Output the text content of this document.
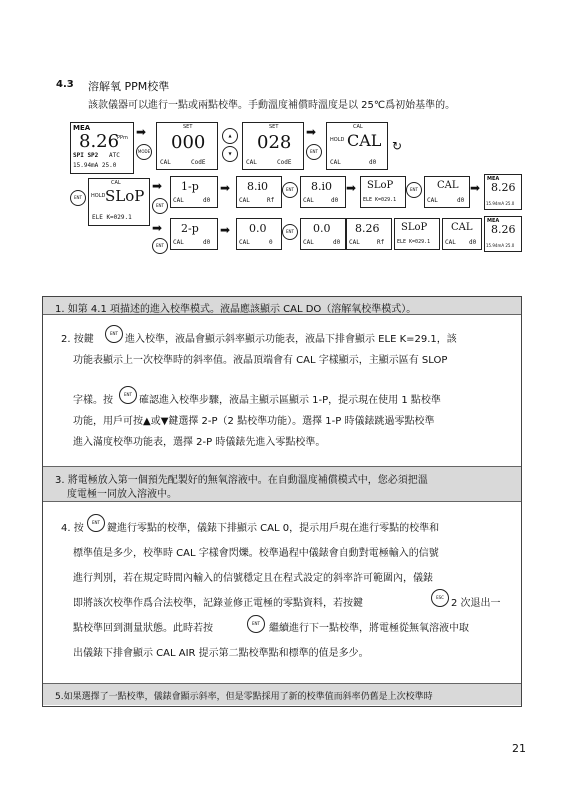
4.3 溶解氧 PPM校準
該款儀器可以進行一點或兩點校準。手動溫度補償時溫度是以 25℃爲初始基準的。
MEA
8.26
PPm
SPI SP2 ATC
15.94mA 25.0
➡
MODE
SET
000
CAL	CodE
▲
▼
SET
028
CAL	CodE
➡
ENT
CAL
HOLD CAL
CAL	d0
↻
ENT
CAL
HOLD SLoP
ELE K=029.1
➡
ENT
1-p
CAL	d0
➡ 8.i0
CAL	Rf
ENT	8.i0
CAL	d0
➡ SLoP
ELE K=029.1
ENT	CAL
CAL	d0
➡
MEA
8.26
15.94mA 25.0
➡
ENT
2-p
CAL	d0
➡ 0.0
CAL	0
ENT	0.0
CAL	d0
8.26
CAL	Rf
SLoP
ELE K=029.1
CAL
CAL d0
MEA
8.26
15.94mA 25.0
1. 如第 4.1 項描述的進入校準模式。液晶應該顯示 CAL DO（溶解氧校準模式）。
2. 按鍵
ENT
進入校準，液晶會顯示斜率顯示功能表，液晶下排會顯示 ELE K=29.1，該
功能表顯示上一次校準時的斜率值。液晶頂端會有 CAL 字樣顯示，主顯示區有 SLOP
字樣。按
ENT
確認進入校準步驟，液晶主顯示區顯示 1-P，提示現在使用 1 點校準
功能，用戶可按▲或▼鍵選擇 2-P（2 點校準功能）。選擇 1-P 時儀錶跳過零點校準
進入滿度校準功能表，選擇 2-P 時儀錶先進入零點校準。
3. 將電極放入第一個預先配製好的無氧溶液中。在自動溫度補償模式中，您必須把溫
度電極一同放入溶液中。
4. 按
ENT
鍵進行零點的校準，儀錶下排顯示 CAL 0，提示用戶現在進行零點的校準和
標準值是多少，校準時 CAL 字樣會閃爍。校準過程中儀錶會自動對電極輸入的信號
進行判別，若在規定時間內輸入的信號穩定且在程式設定的斜率許可範圍內，儀錶
即將該次校準作爲合法校準，記錄並修正電極的零點資料，若按鍵
ESC
2 次退出一
點校準回到測量狀態。此時若按	ENT 繼續進行下一點校準，將電極從無氧溶液中取
出儀錶下排會顯示 CAL AIR 提示第二點校準點和標準的值是多少。
5.如果選擇了一點校準，儀錶會顯示斜率，但是零點採用了新的校準值而斜率仍舊是上次校準時
21
